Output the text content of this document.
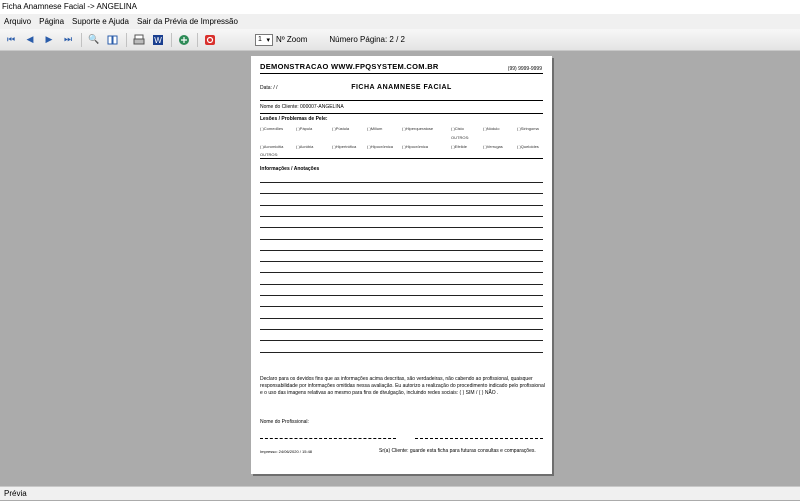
Ficha Anamnese Facial -> ANGELINA
Arquivo Página Suporte e Ajuda Sair da Prévia de Impressão
⏮	◀	▶	⏭	🔍	W	1 ▾ Nº Zoom	Número Página: 2 / 2
DEMONSTRACAO WWW.FPQSYSTEM.COM.BR	(99) 9999-9999
FICHA ANAMNESE FACIAL
Data: / /
Nome do Cliente: 000007-ANGELINA
Lesões / Problemas de Pele:
( )Comedões	( )Pápula	( )Pústula	( )Milium	( )Hiperqueratose	( )Cisto	( )Nódulo	( )Siringoma
OUTROS:
( )Acromicitia	( )Acróbia	( )Hipertrófica	( )Hipocrômica ( )Hipocrômica	( )Efelide	( )Verrugas	( )Queloides
OUTROS:
Informações / Anotações
Declaro para os devidos fins que as informações acima descritas, são verdadeiras, não cabendo ao profissional, quaisquer responsabilidade por informações omitidas nessa avaliação. Eu autorizo a realização do procedimento indicado pelo profissional e o uso das imagens relativas ao mesmo para fins de divulgação, incluindo redes sociais: ( ) SIM / ( ) NÃO .
Nome do Profissional:
Impresso: 24/06/2020 / 15:48	Sr(a) Cliente: guarde esta ficha para futuras consultas e comparações.
Prévia
